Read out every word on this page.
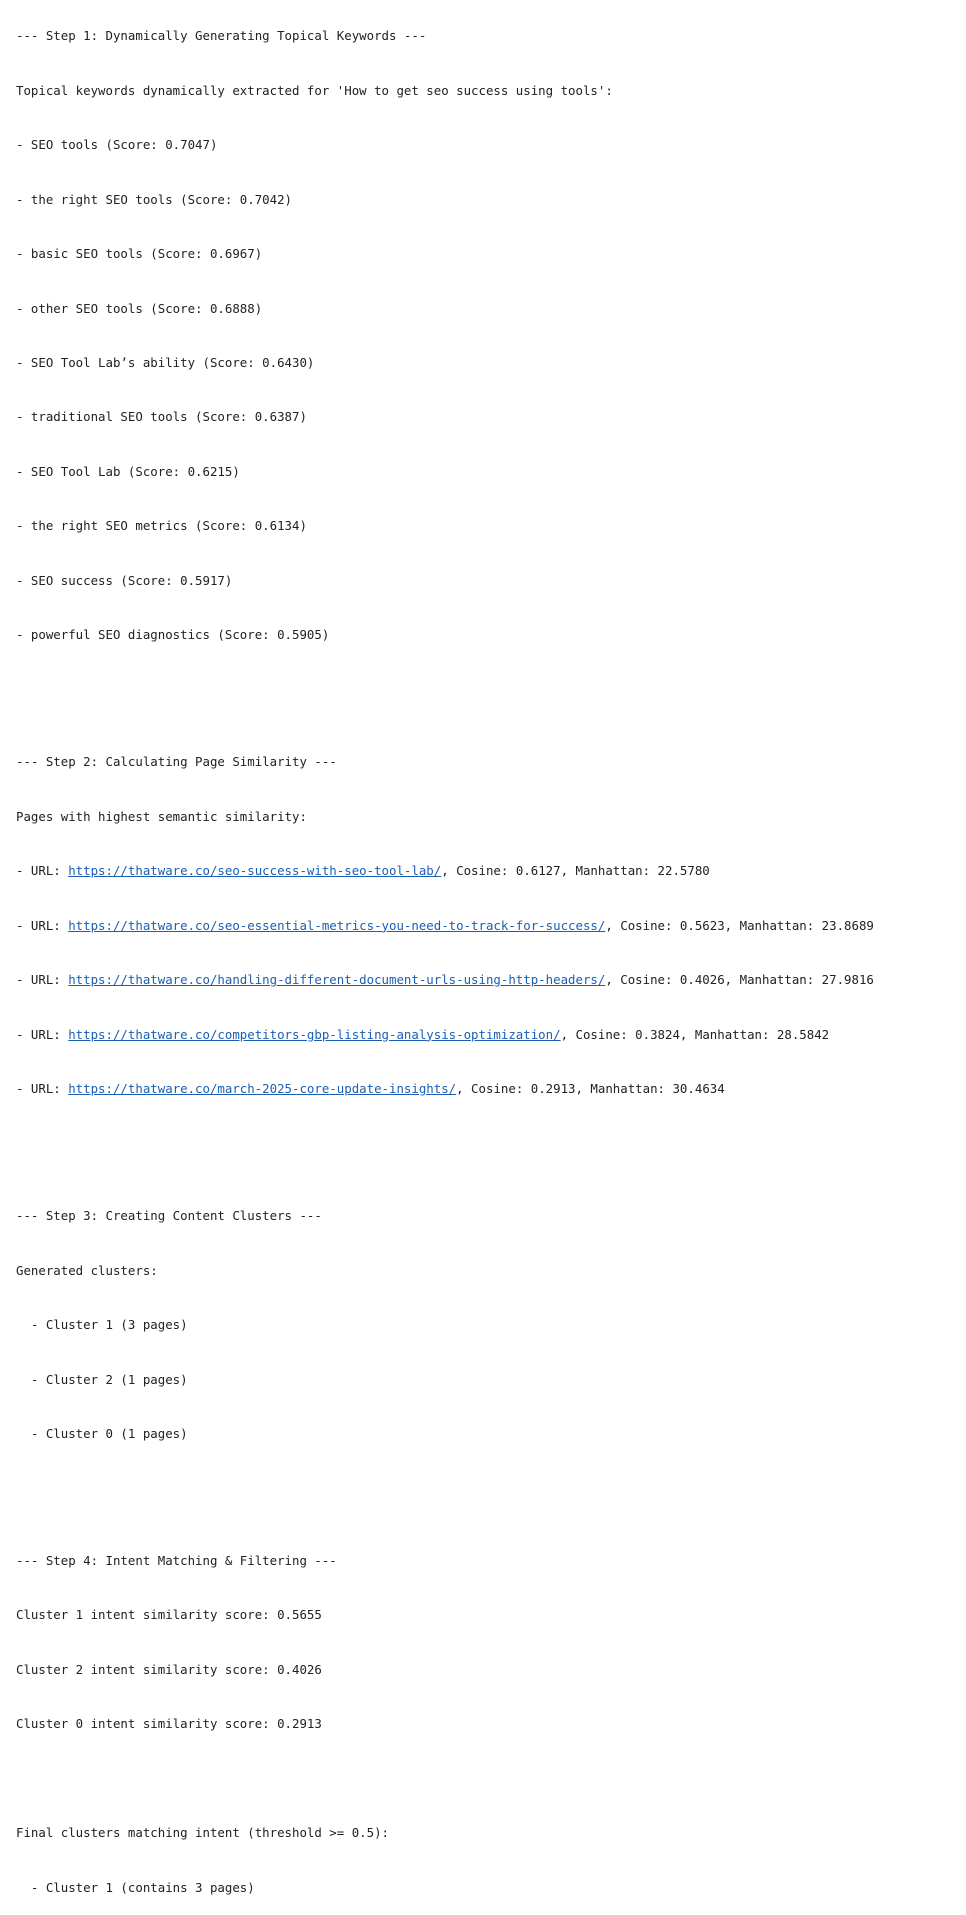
--- Step 1: Dynamically Generating Topical Keywords ---

Topical keywords dynamically extracted for 'How to get seo success using tools':

- SEO tools (Score: 0.7047)

- the right SEO tools (Score: 0.7042)

- basic SEO tools (Score: 0.6967)

- other SEO tools (Score: 0.6888)

- SEO Tool Lab’s ability (Score: 0.6430)

- traditional SEO tools (Score: 0.6387)

- SEO Tool Lab (Score: 0.6215)

- the right SEO metrics (Score: 0.6134)

- SEO success (Score: 0.5917)

- powerful SEO diagnostics (Score: 0.5905)

--- Step 2: Calculating Page Similarity ---

Pages with highest semantic similarity:

- URL: https://thatware.co/seo-success-with-seo-tool-lab/, Cosine: 0.6127, Manhattan: 22.5780

- URL: https://thatware.co/seo-essential-metrics-you-need-to-track-for-success/, Cosine: 0.5623, Manhattan: 23.8689

- URL: https://thatware.co/handling-different-document-urls-using-http-headers/, Cosine: 0.4026, Manhattan: 27.9816

- URL: https://thatware.co/competitors-gbp-listing-analysis-optimization/, Cosine: 0.3824, Manhattan: 28.5842

- URL: https://thatware.co/march-2025-core-update-insights/, Cosine: 0.2913, Manhattan: 30.4634

--- Step 3: Creating Content Clusters ---

Generated clusters:

- Cluster 1 (3 pages)

- Cluster 2 (1 pages)

- Cluster 0 (1 pages)

--- Step 4: Intent Matching & Filtering ---

Cluster 1 intent similarity score: 0.5655

Cluster 2 intent similarity score: 0.4026

Cluster 0 intent similarity score: 0.2913

Final clusters matching intent (threshold >= 0.5):

- Cluster 1 (contains 3 pages)
